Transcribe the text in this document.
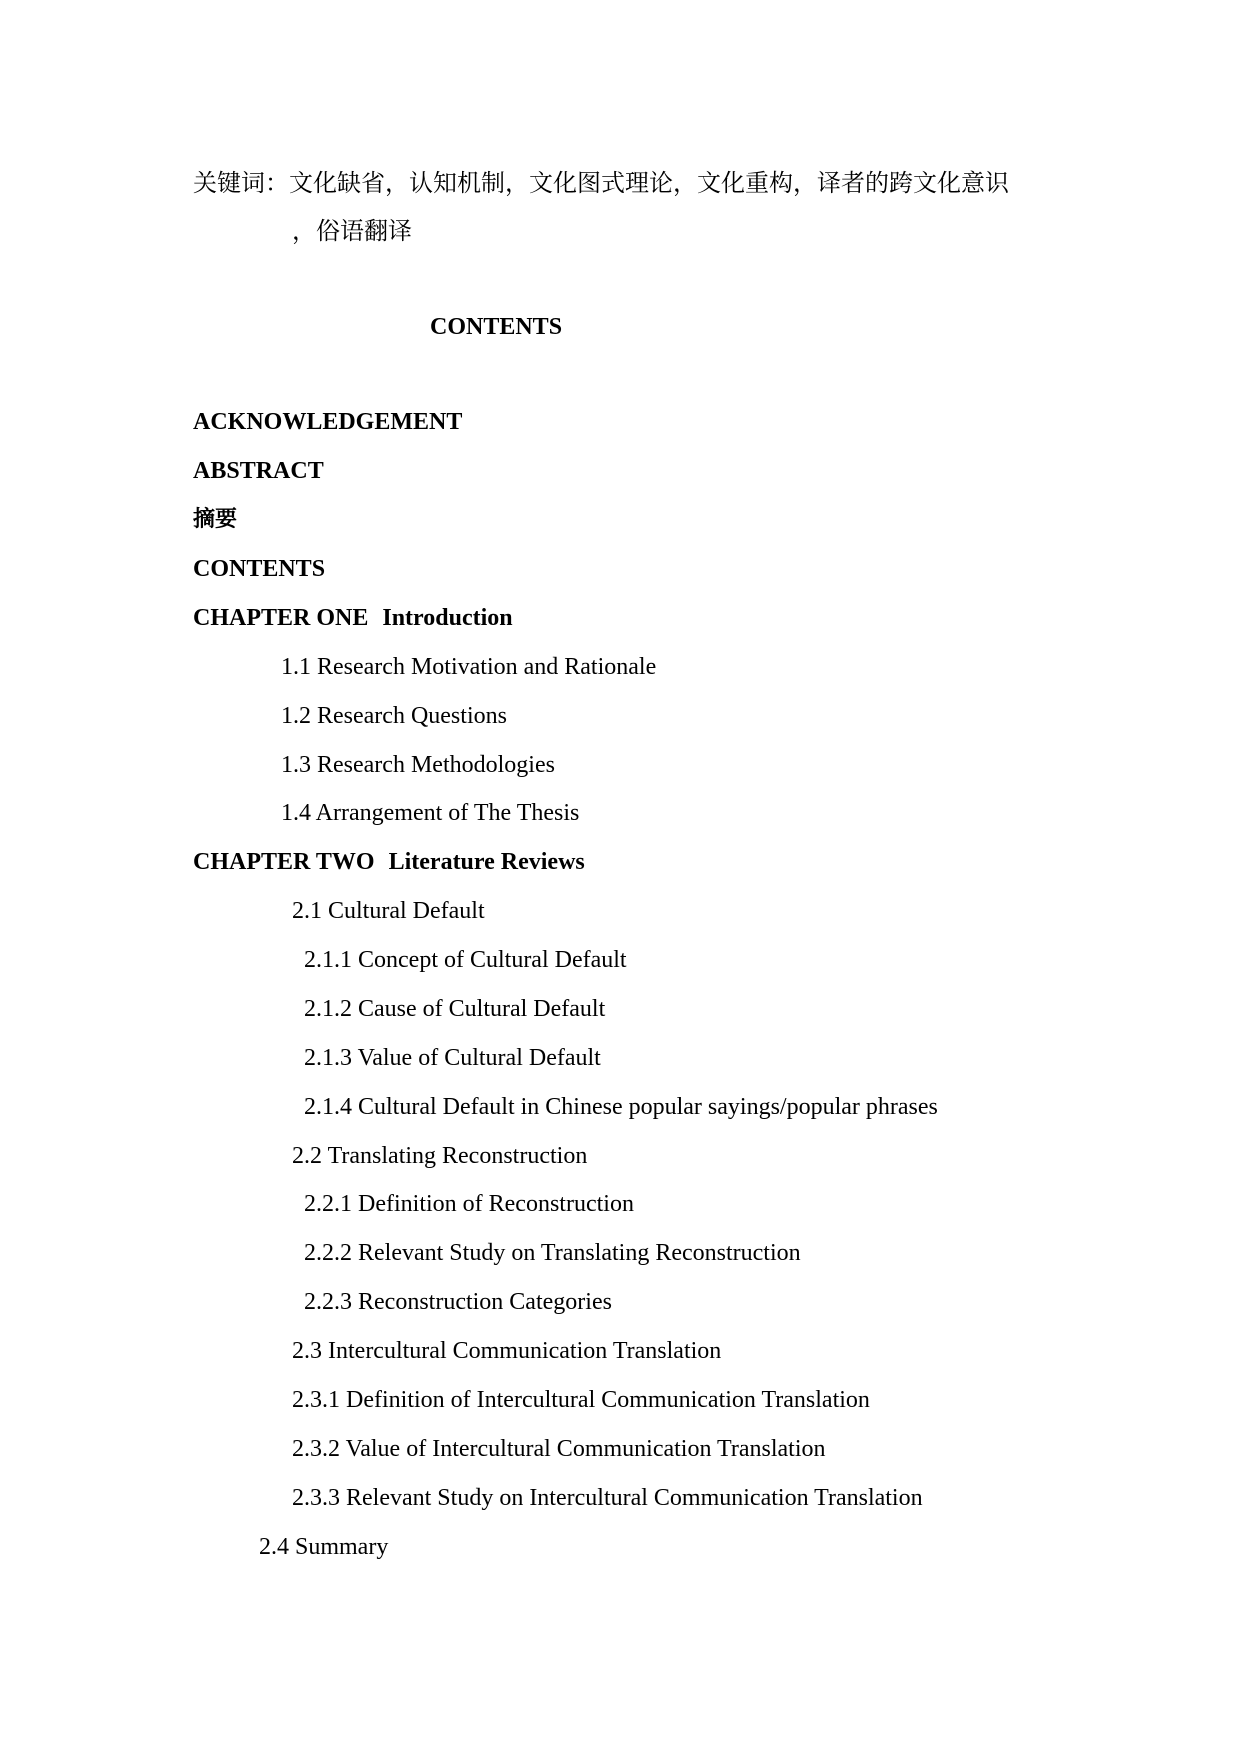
关键词：文化缺省，认知机制，文化图式理论，文化重构，译者的跨文化意识
，俗语翻译
CONTENTS
ACKNOWLEDGEMENT
ABSTRACT
摘要
CONTENTS
CHAPTER ONE Introduction
1.1 Research Motivation and Rationale
1.2 Research Questions
1.3 Research Methodologies
1.4 Arrangement of The Thesis
CHAPTER TWO Literature Reviews
2.1 Cultural Default
2.1.1 Concept of Cultural Default
2.1.2 Cause of Cultural Default
2.1.3 Value of Cultural Default
2.1.4 Cultural Default in Chinese popular sayings/popular phrases
2.2 Translating Reconstruction
2.2.1 Definition of Reconstruction
2.2.2 Relevant Study on Translating Reconstruction
2.2.3 Reconstruction Categories
2.3 Intercultural Communication Translation
2.3.1 Definition of Intercultural Communication Translation
2.3.2 Value of Intercultural Communication Translation
2.3.3 Relevant Study on Intercultural Communication Translation
2.4 Summary
